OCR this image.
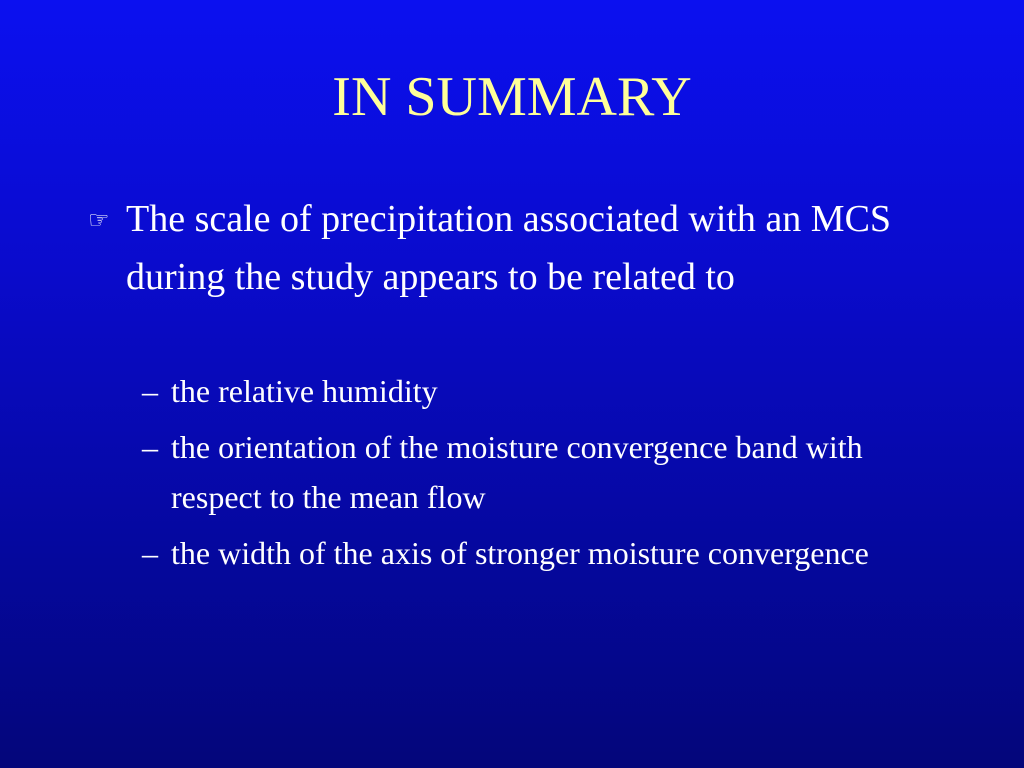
IN SUMMARY
☞ The scale of precipitation associated with an MCS during the study appears to be related to
– the relative humidity
– the orientation of the moisture convergence band with respect to the mean flow
– the width of the axis of stronger moisture convergence
